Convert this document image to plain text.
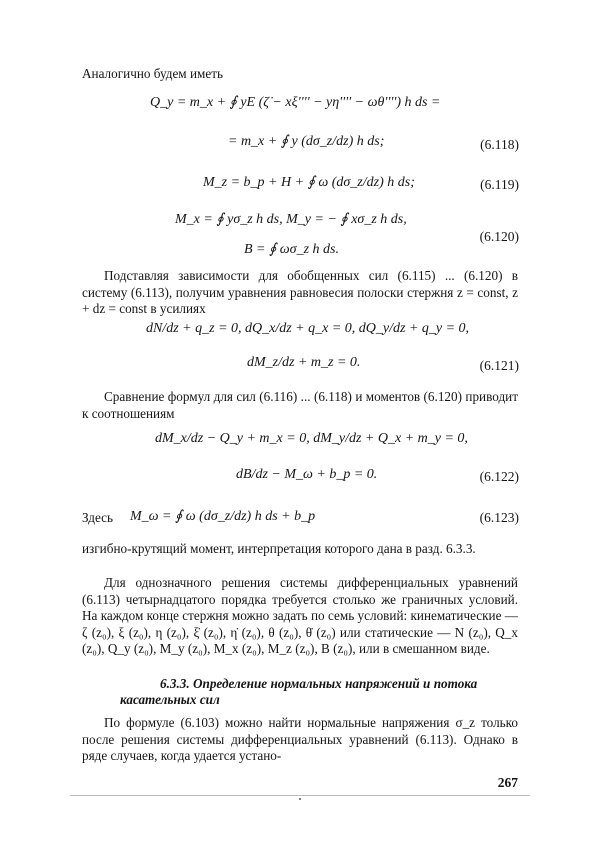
Аналогично будем иметь
Q_y = m_x + ∮ yE (ζ̇ − xξ'''' − yη'''' − ωθ'''') h ds =
= m_x + ∮ y (dσ_z/dz) h ds;	(6.118)
M_z = b_p + H + ∮ ω (dσ_z/dz) h ds;	(6.119)
M_x = ∮ yσ_z h ds, M_y = − ∮ xσ_z h ds,
B = ∮ ωσ_z h ds.
(6.120)
Подставляя зависимости для обобщенных сил (6.115) ... (6.120) в систему (6.113), получим уравнения равновесия полоски стержня z = const, z + dz = const в усилиях
dN/dz + q_z = 0, dQ_x/dz + q_x = 0, dQ_y/dz + q_y = 0,
dM_z/dz + m_z = 0.	(6.121)
Сравнение формул для сил (6.116) ... (6.118) и моментов (6.120) приводит к соотношениям
dM_x/dz − Q_y + m_x = 0, dM_y/dz + Q_x + m_y = 0,
dB/dz − M_ω + b_p = 0.	(6.122)
Здесь M_ω = ∮ ω (dσ_z/dz) h ds + b_p	(6.123)
изгибно-крутящий момент, интерпретация которого дана в разд. 6.3.3.
Для однозначного решения системы дифференциальных уравнений (6.113) четырнадцатого порядка требуется столько же граничных условий. На каждом конце стержня можно задать по семь условий: кинематические — ζ (z₀), ξ (z₀), η (z₀), ξ̇ (z₀), η̇ (z₀), θ (z₀), θ̇ (z₀) или статические — N (z₀), Q_x (z₀), Q_y (z₀), M_y (z₀), M_x (z₀), M_z (z₀), B (z₀), или в смешанном виде.
6.3.3. Определение нормальных напряжений и потока касательных сил
По формуле (6.103) можно найти нормальные напряжения σ_z только после решения системы дифференциальных уравнений (6.113). Однако в ряде случаев, когда удается устано-
267
